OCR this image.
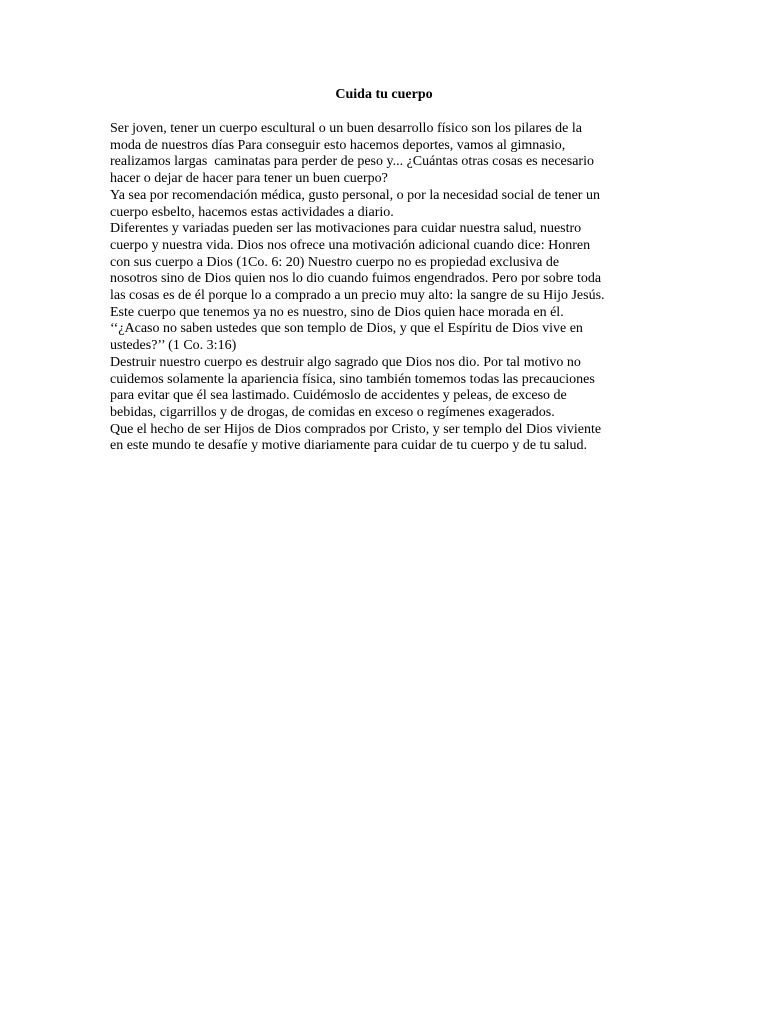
Cuida tu cuerpo
Ser joven, tener un cuerpo escultural o un buen desarrollo físico son los pilares de la
moda de nuestros días Para conseguir esto hacemos deportes, vamos al gimnasio,
realizamos largas  caminatas para perder de peso y... ¿Cuántas otras cosas es necesario
hacer o dejar de hacer para tener un buen cuerpo?
Ya sea por recomendación médica, gusto personal, o por la necesidad social de tener un
cuerpo esbelto, hacemos estas actividades a diario.
Diferentes y variadas pueden ser las motivaciones para cuidar nuestra salud, nuestro
cuerpo y nuestra vida. Dios nos ofrece una motivación adicional cuando dice: Honren
con sus cuerpo a Dios (1Co. 6: 20) Nuestro cuerpo no es propiedad exclusiva de
nosotros sino de Dios quien nos lo dio cuando fuimos engendrados. Pero por sobre toda
las cosas es de él porque lo a comprado a un precio muy alto: la sangre de su Hijo Jesús.
Este cuerpo que tenemos ya no es nuestro, sino de Dios quien hace morada en él.
‘‘¿Acaso no saben ustedes que son templo de Dios, y que el Espíritu de Dios vive en
ustedes?’’ (1 Co. 3:16)
Destruir nuestro cuerpo es destruir algo sagrado que Dios nos dio. Por tal motivo no
cuidemos solamente la apariencia física, sino también tomemos todas las precauciones
para evitar que él sea lastimado. Cuidémoslo de accidentes y peleas, de exceso de
bebidas, cigarrillos y de drogas, de comidas en exceso o regímenes exagerados.
Que el hecho de ser Hijos de Dios comprados por Cristo, y ser templo del Dios viviente
en este mundo te desafíe y motive diariamente para cuidar de tu cuerpo y de tu salud.
